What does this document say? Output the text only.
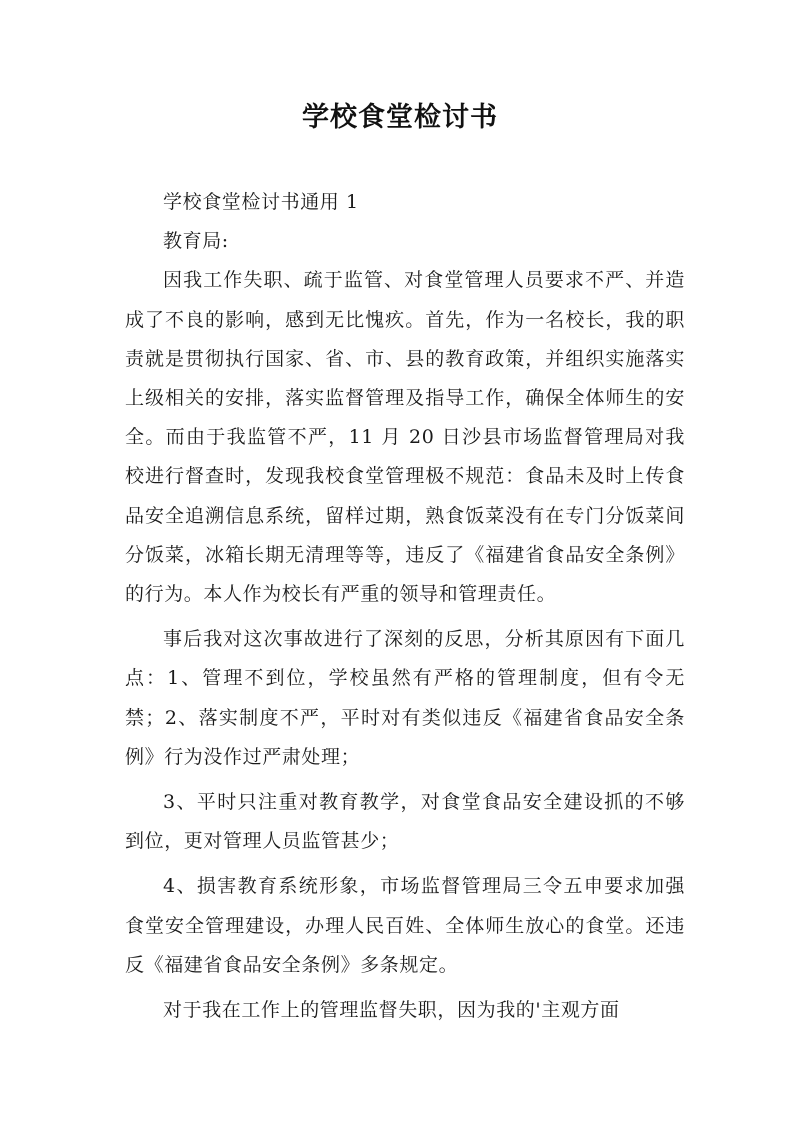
学校食堂检讨书

学校食堂检讨书通用 1

教育局:

因我工作失职、疏于监管、对食堂管理人员要求不严、并造成了不良的影响，感到无比愧疚。首先，作为一名校长，我的职责就是贯彻执行国家、省、市、县的教育政策，并组织实施落实上级相关的安排，落实监督管理及指导工作，确保全体师生的安全。而由于我监管不严，11 月 20 日沙县市场监督管理局对我校进行督查时，发现我校食堂管理极不规范：食品未及时上传食品安全追溯信息系统，留样过期，熟食饭菜没有在专门分饭菜间分饭菜，冰箱长期无清理等等，违反了《福建省食品安全条例》的行为。本人作为校长有严重的领导和管理责任。

事后我对这次事故进行了深刻的反思，分析其原因有下面几点：1、管理不到位，学校虽然有严格的管理制度，但有令无禁；2、落实制度不严，平时对有类似违反《福建省食品安全条例》行为没作过严肃处理；

3、平时只注重对教育教学，对食堂食品安全建设抓的不够到位，更对管理人员监管甚少；

4、损害教育系统形象，市场监督管理局三令五申要求加强食堂安全管理建设，办理人民百姓、全体师生放心的食堂。还违反《福建省食品安全条例》多条规定。

对于我在工作上的管理监督失职，因为我的'主观方面
